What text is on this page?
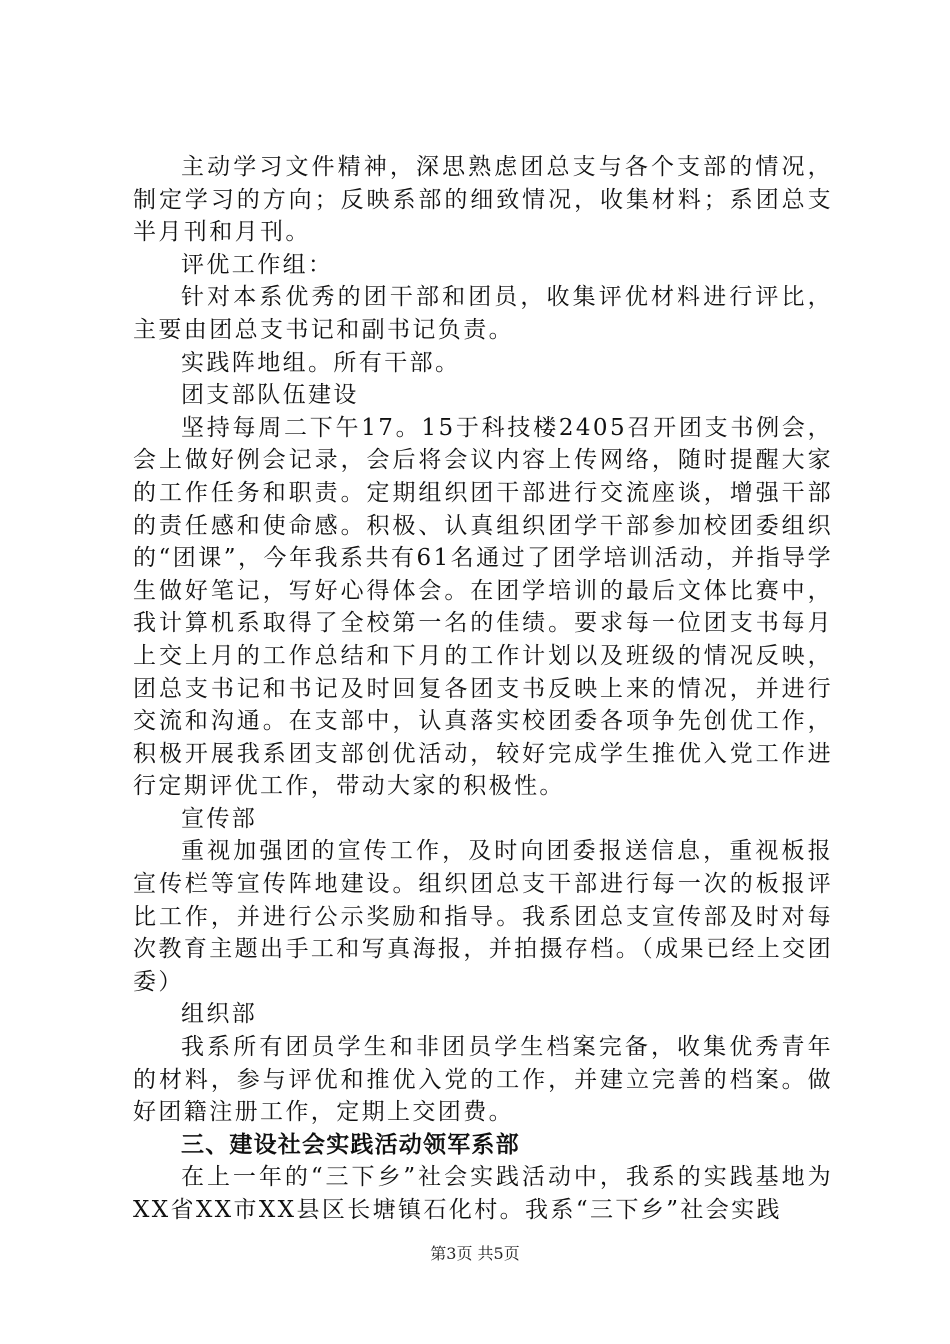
主动学习文件精神，深思熟虑团总支与各个支部的情况，制定学习的方向；反映系部的细致情况，收集材料；系团总支半月刊和月刊。

评优工作组：

针对本系优秀的团干部和团员，收集评优材料进行评比，主要由团总支书记和副书记负责。

实践阵地组。所有干部。

团支部队伍建设

坚持每周二下午17。15于科技楼2405召开团支书例会，会上做好例会记录，会后将会议内容上传网络，随时提醒大家的工作任务和职责。定期组织团干部进行交流座谈，增强干部的责任感和使命感。积极、认真组织团学干部参加校团委组织的“团课”，今年我系共有61名通过了团学培训活动，并指导学生做好笔记，写好心得体会。在团学培训的最后文体比赛中，我计算机系取得了全校第一名的佳绩。要求每一位团支书每月上交上月的工作总结和下月的工作计划以及班级的情况反映，团总支书记和书记及时回复各团支书反映上来的情况，并进行交流和沟通。在支部中，认真落实校团委各项争先创优工作，积极开展我系团支部创优活动，较好完成学生推优入党工作进行定期评优工作，带动大家的积极性。

宣传部

重视加强团的宣传工作，及时向团委报送信息，重视板报宣传栏等宣传阵地建设。组织团总支干部进行每一次的板报评比工作，并进行公示奖励和指导。我系团总支宣传部及时对每次教育主题出手工和写真海报，并拍摄存档。（成果已经上交团委）

组织部

我系所有团员学生和非团员学生档案完备，收集优秀青年的材料，参与评优和推优入党的工作，并建立完善的档案。做好团籍注册工作，定期上交团费。

三、建设社会实践活动领军系部

在上一年的“三下乡”社会实践活动中，我系的实践基地为XX省XX市XX县区长塘镇石化村。我系“三下乡”社会实践

第3页 共5页
